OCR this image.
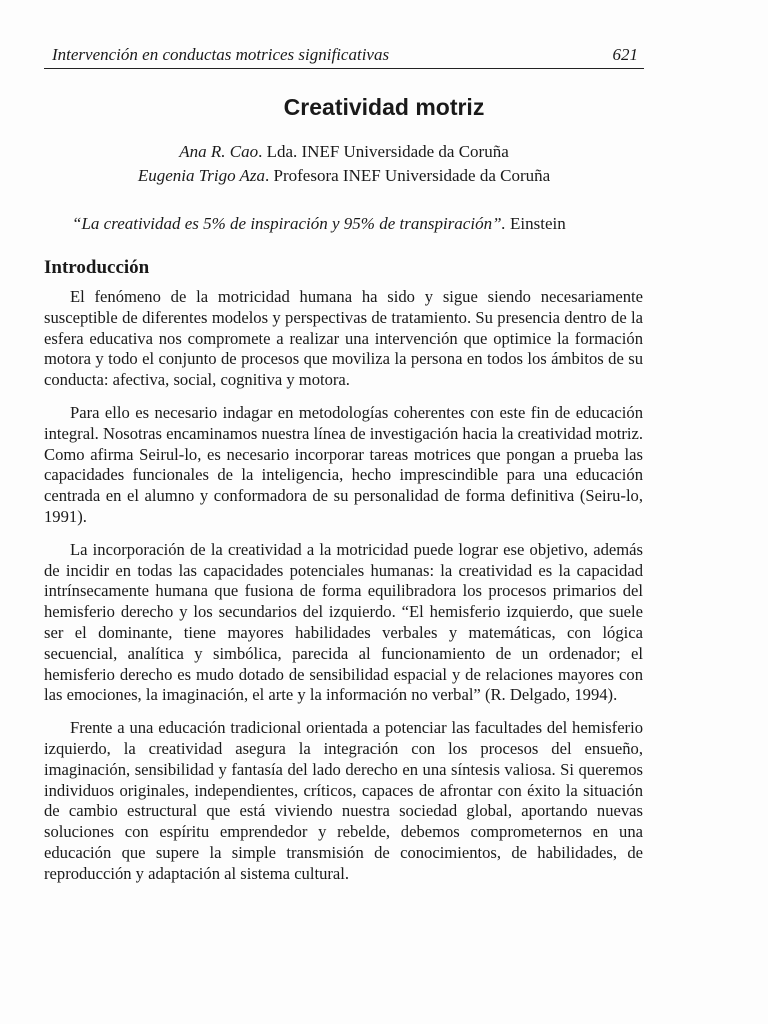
Intervención en conductas motrices significativas	621
Creatividad motriz
Ana R. Cao. Lda. INEF Universidade da Coruña
Eugenia Trigo Aza. Profesora INEF Universidade da Coruña
“La creatividad es 5% de inspiración y 95% de transpiración”. Einstein
Introducción

El fenómeno de la motricidad humana ha sido y sigue siendo necesariamente susceptible de diferentes modelos y perspectivas de tratamiento. Su presencia dentro de la esfera educativa nos compromete a realizar una intervención que optimice la formación motora y todo el conjunto de procesos que moviliza la persona en todos los ámbitos de su conducta: afectiva, social, cognitiva y motora.

Para ello es necesario indagar en metodologías coherentes con este fin de educación integral. Nosotras encaminamos nuestra línea de investigación hacia la creatividad motriz. Como afirma Seirul-lo, es necesario incorporar tareas motrices que pongan a prueba las capacidades funcionales de la inteligencia, hecho imprescindible para una educación centrada en el alumno y conformadora de su personalidad de forma definitiva (Seiru-lo, 1991).

La incorporación de la creatividad a la motricidad puede lograr ese objetivo, además de incidir en todas las capacidades potenciales humanas: la creatividad es la capacidad intrínsecamente humana que fusiona de forma equilibradora los procesos primarios del hemisferio derecho y los secundarios del izquierdo. “El hemisferio izquierdo, que suele ser el dominante, tiene mayores habilidades verbales y matemáticas, con lógica secuencial, analítica y simbólica, parecida al funcionamiento de un ordenador; el hemisferio derecho es mudo dotado de sensibilidad espacial y de relaciones mayores con las emociones, la imaginación, el arte y la información no verbal” (R. Delgado, 1994).

Frente a una educación tradicional orientada a potenciar las facultades del hemisferio izquierdo, la creatividad asegura la integración con los procesos del ensueño, imaginación, sensibilidad y fantasía del lado derecho en una síntesis valiosa. Si queremos individuos originales, independientes, críticos, capaces de afrontar con éxito la situación de cambio estructural que está viviendo nuestra sociedad global, aportando nuevas soluciones con espíritu emprendedor y rebelde, debemos comprometernos en una educación que supere la simple transmisión de conocimientos, de habilidades, de reproducción y adaptación al sistema cultural.
